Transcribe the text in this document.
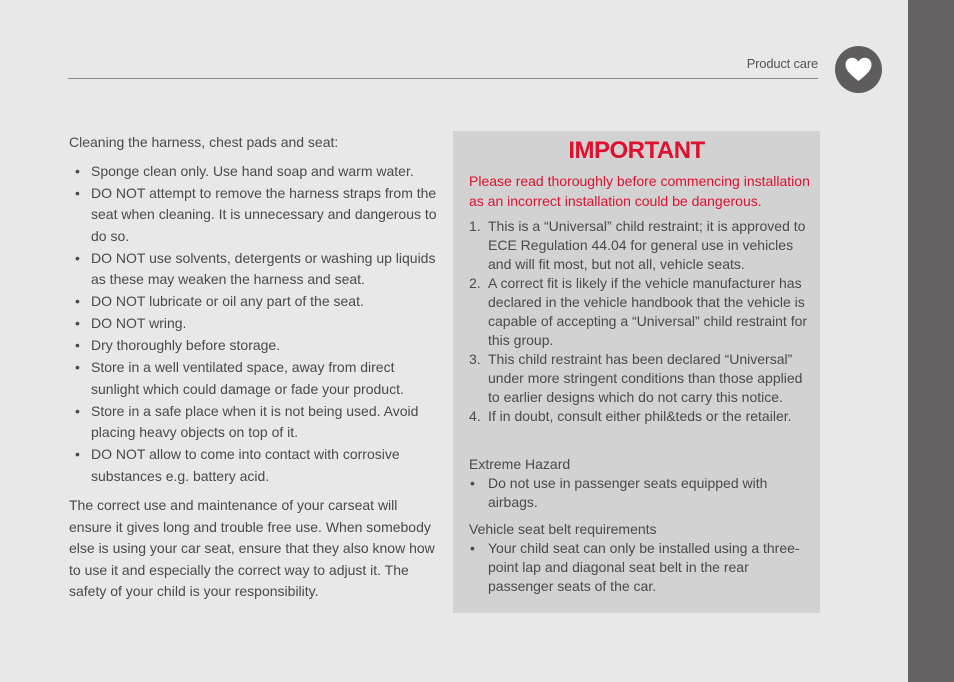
Product care

Cleaning the harness, chest pads and seat:

• Sponge clean only. Use hand soap and warm water.
• DO NOT attempt to remove the harness straps from the seat when cleaning. It is unnecessary and dangerous to do so.
• DO NOT use solvents, detergents or washing up liquids as these may weaken the harness and seat.
• DO NOT lubricate or oil any part of the seat.
• DO NOT wring.
• Dry thoroughly before storage.
• Store in a well ventilated space, away from direct sunlight which could damage or fade your product.
• Store in a safe place when it is not being used. Avoid placing heavy objects on top of it.
• DO NOT allow to come into contact with corrosive substances e.g. battery acid.

The correct use and maintenance of your carseat will ensure it gives long and trouble free use. When somebody else is using your car seat, ensure that they also know how to use it and especially the correct way to adjust it. The safety of your child is your responsibility.

IMPORTANT
Please read thoroughly before commencing installation as an incorrect installation could be dangerous.
1. This is a “Universal” child restraint; it is approved to ECE Regulation 44.04 for general use in vehicles and will fit most, but not all, vehicle seats.
2. A correct fit is likely if the vehicle manufacturer has declared in the vehicle handbook that the vehicle is capable of accepting a “Universal” child restraint for this group.
3. This child restraint has been declared “Universal” under more stringent conditions than those applied to earlier designs which do not carry this notice.
4. If in doubt, consult either phil&teds or the retailer.
Extreme Hazard
• Do not use in passenger seats equipped with airbags.
Vehicle seat belt requirements
• Your child seat can only be installed using a three-point lap and diagonal seat belt in the rear passenger seats of the car.
